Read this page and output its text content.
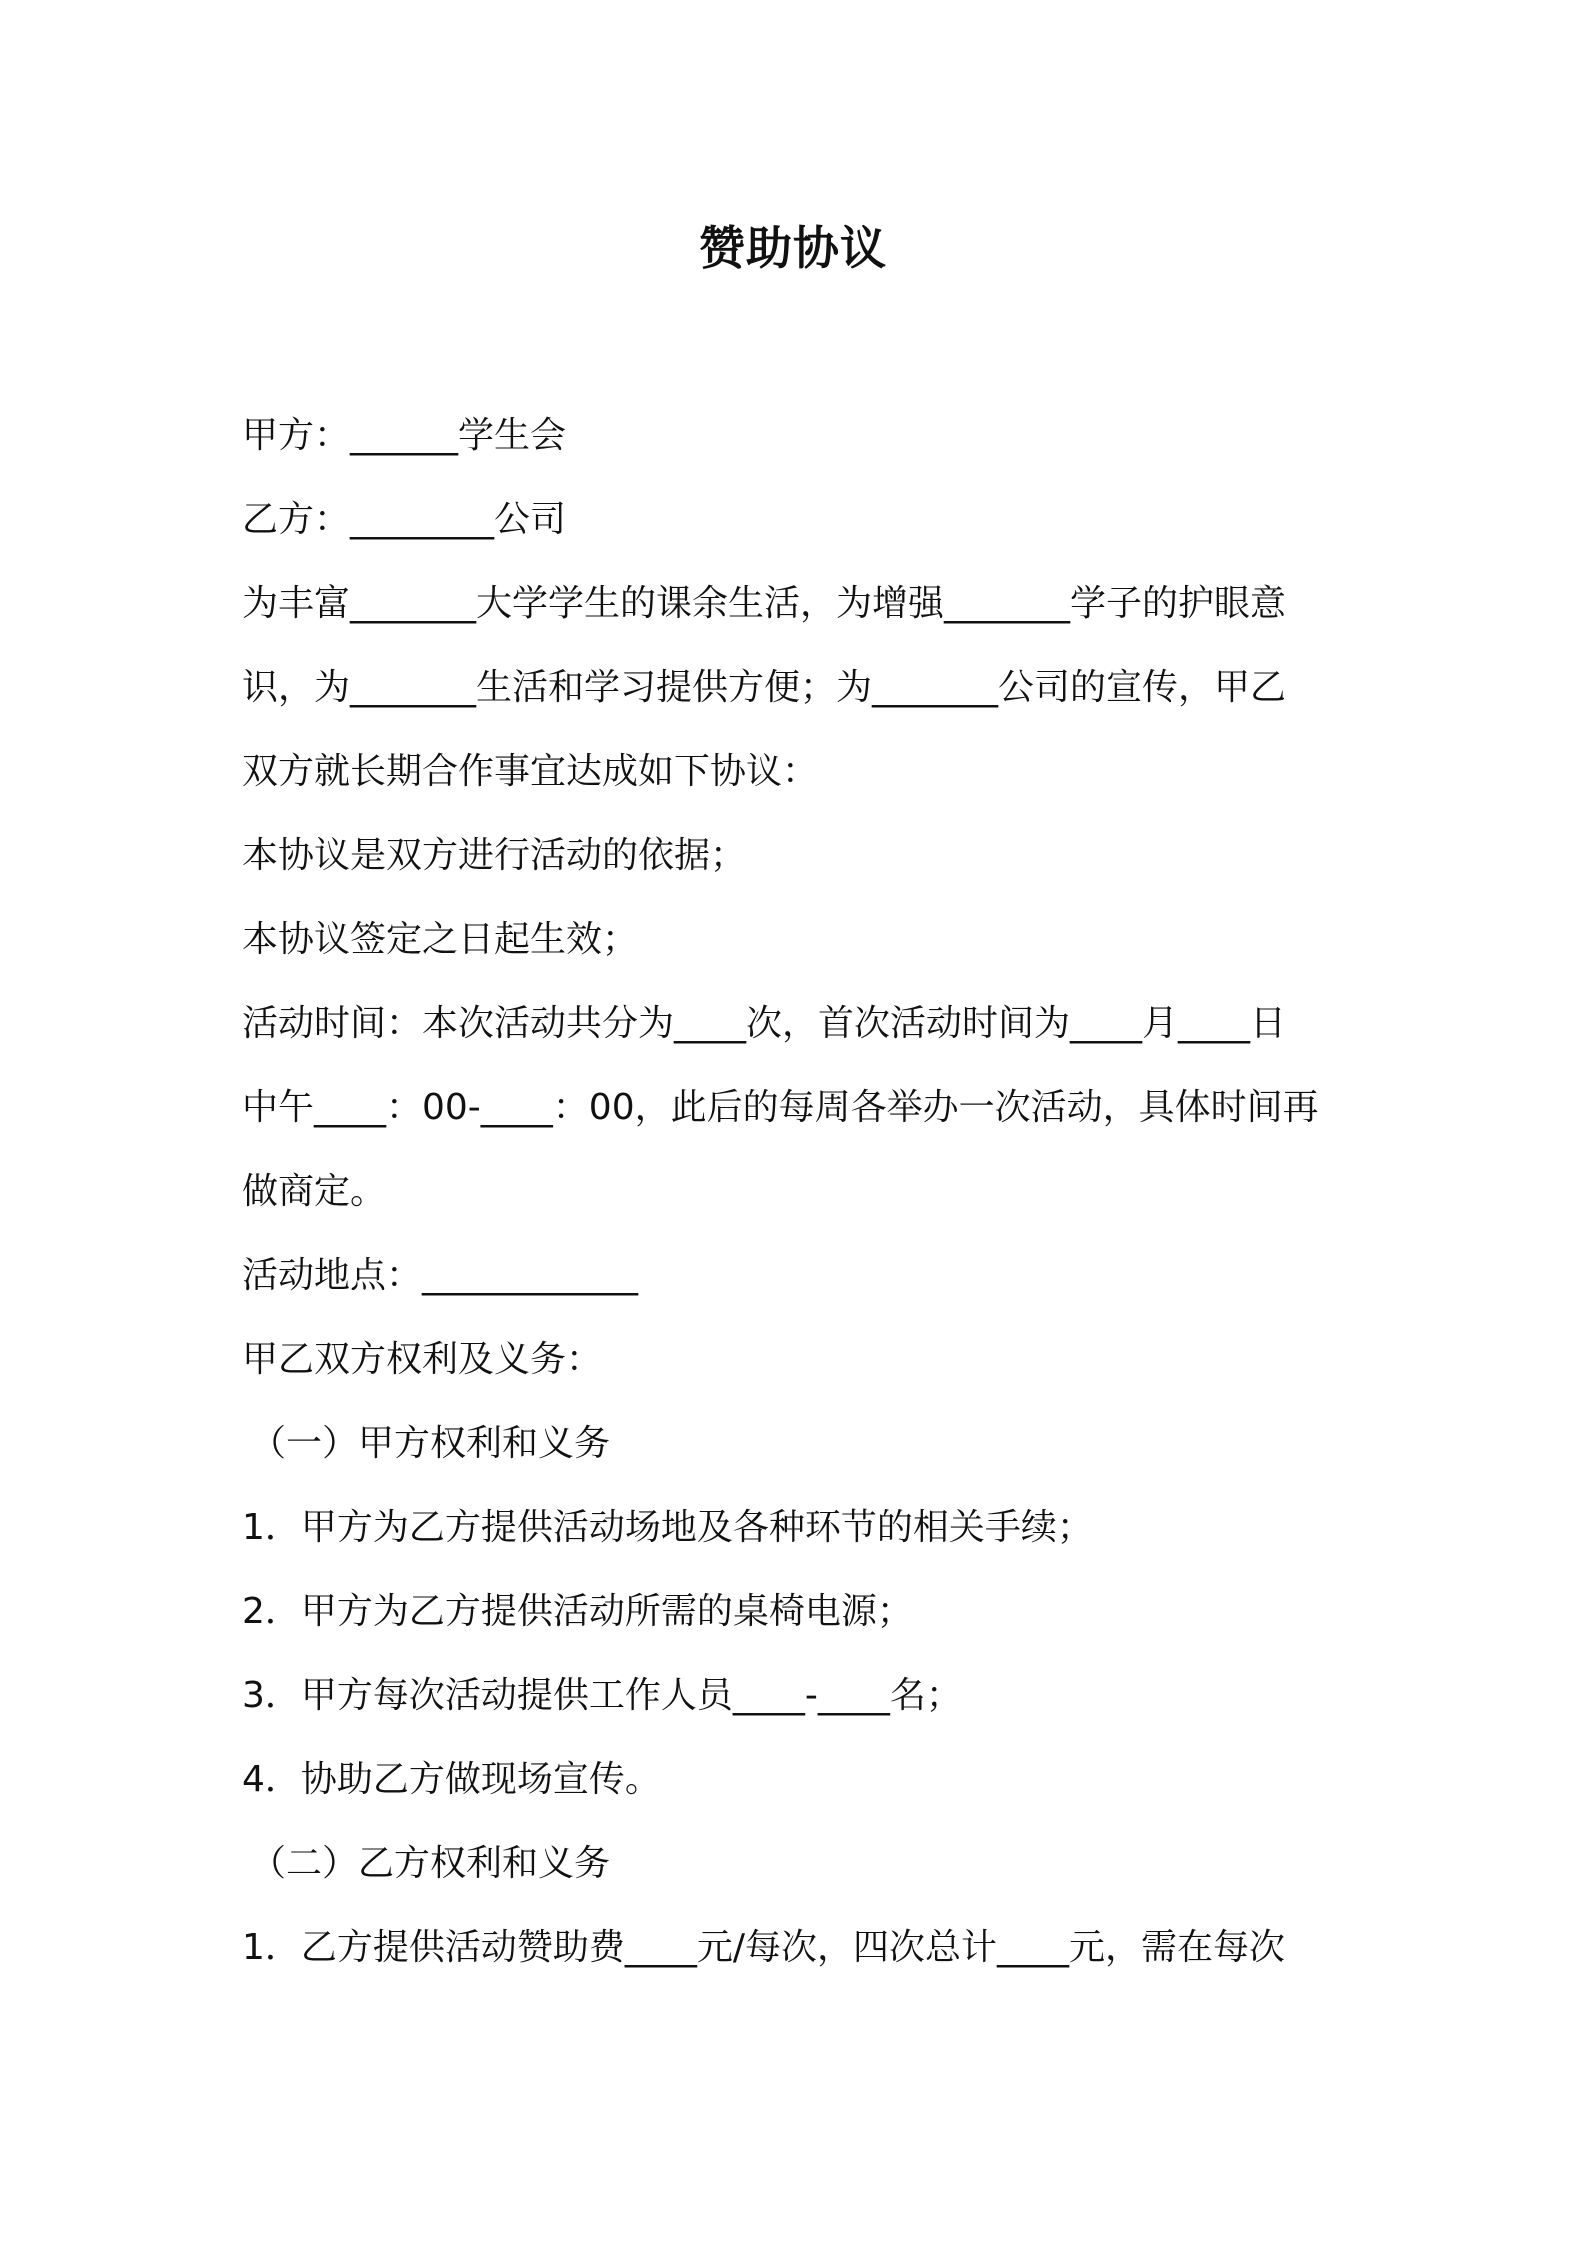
赞助协议
甲方：______学生会
乙方：________公司
为丰富_______大学学生的课余生活，为增强_______学子的护眼意
识，为_______生活和学习提供方便；为_______公司的宣传，甲乙
双方就长期合作事宜达成如下协议：
本协议是双方进行活动的依据；
本协议签定之日起生效；
活动时间：本次活动共分为____次，首次活动时间为____月____日
中午____：00-____：00，此后的每周各举办一次活动，具体时间再
做商定。
活动地点：____________
甲乙双方权利及义务：
（一）甲方权利和义务
1．甲方为乙方提供活动场地及各种环节的相关手续；
2．甲方为乙方提供活动所需的桌椅电源；
3．甲方每次活动提供工作人员____-____名；
4．协助乙方做现场宣传。
（二）乙方权利和义务
1．乙方提供活动赞助费____元/每次，四次总计____元，需在每次
